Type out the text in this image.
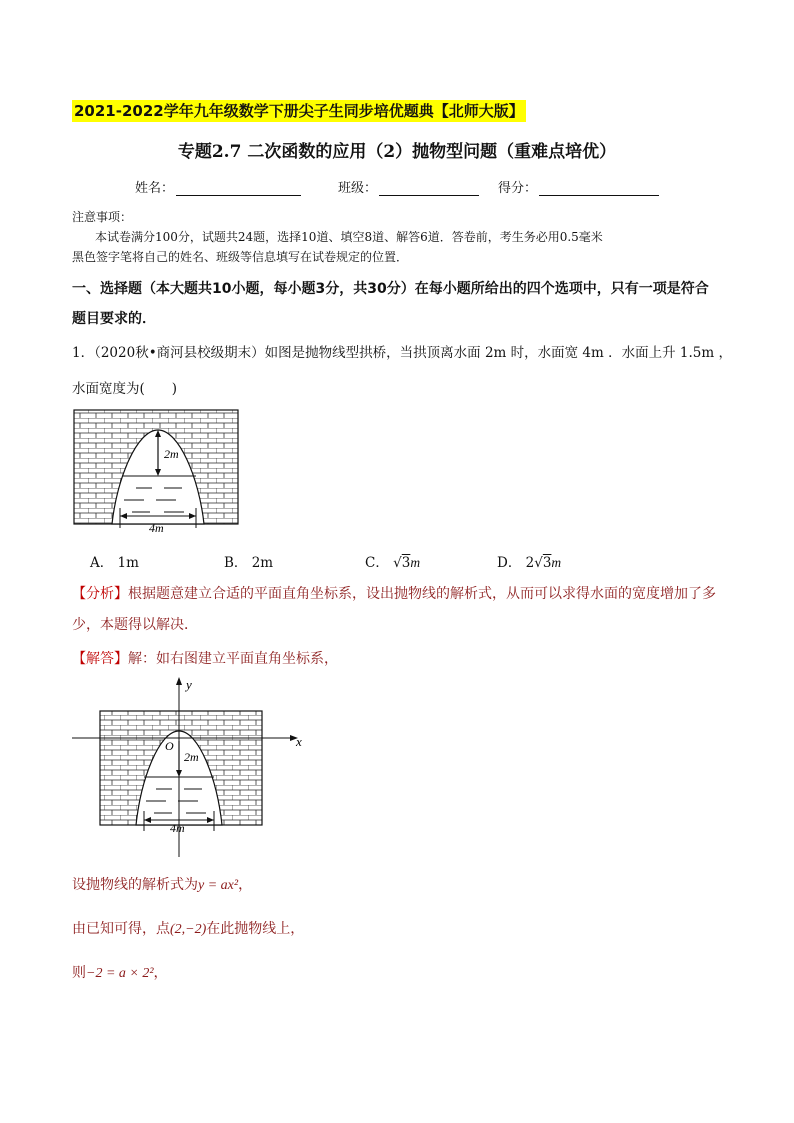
2021-2022学年九年级数学下册尖子生同步培优题典【北师大版】
专题2.7 二次函数的应用（2）抛物型问题（重难点培优）
姓名：	班级：	得分：
注意事项：
本试卷满分100分，试题共24题，选择10道、填空8道、解答6道．答卷前，考生务必用0.5毫米
黑色签字笔将自己的姓名、班级等信息填写在试卷规定的位置．
一、选择题（本大题共10小题，每小题3分，共30分）在每小题所给出的四个选项中，只有一项是符合
题目要求的．
1．（2020秋•商河县校级期末）如图是抛物线型拱桥，当拱顶离水面 2m 时，水面宽 4m ．水面上升 1.5m ，
水面宽度为(　　)
2m
4m
A． 1m	B． 2m	C． √3m	D． 2√3m
【分析】根据题意建立合适的平面直角坐标系，设出抛物线的解析式，从而可以求得水面的宽度增加了多
少，本题得以解决．
【解答】解：如右图建立平面直角坐标系，
y
x
O
2m
4m
设抛物线的解析式为y = ax²，
由已知可得，点(2,−2)在此抛物线上，
则−2 = a × 2²，
